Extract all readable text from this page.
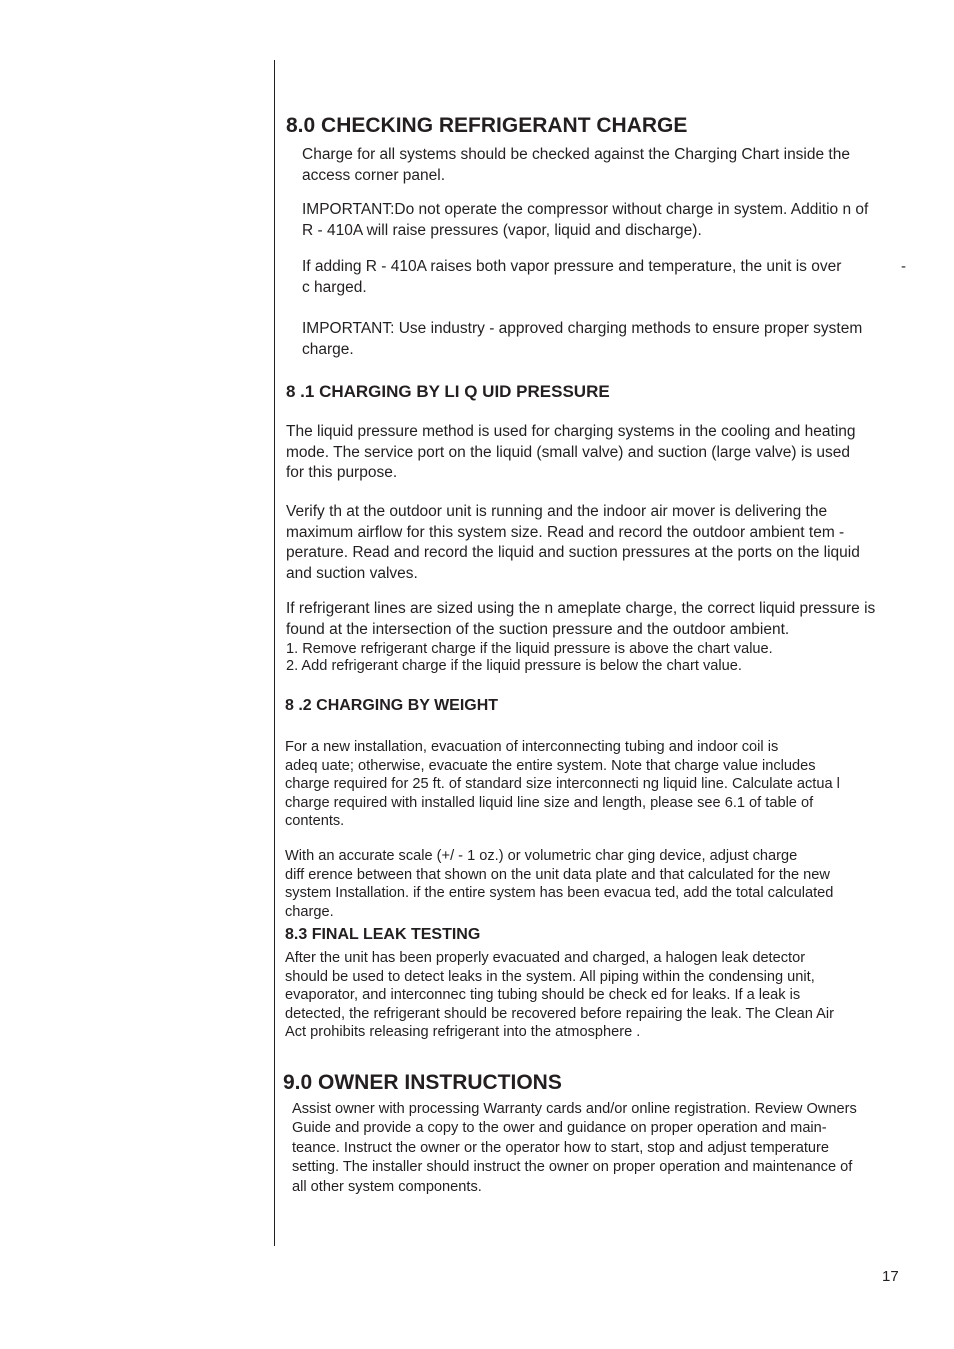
8.0 CHECKING REFRIGERANT CHARGE

Charge for all systems should be checked against the Charging Chart inside the
access corner panel.

IMPORTANT:Do not operate the compressor without charge in system. Additio n of
R - 410A will raise pressures (vapor, liquid and discharge).

If adding R - 410A raises both vapor pressure and temperature, the unit is over
c harged.

-

IMPORTANT: Use industry - approved charging methods to ensure proper system
charge.

8 .1 CHARGING BY LI Q UID PRESSURE

The liquid pressure method is used for charging systems in the cooling and heating
mode. The service port on the liquid (small valve) and suction (large valve) is used
for this purpose.

Verify th at the outdoor unit is running and the indoor air mover is delivering the
maximum airflow for this system size. Read and record the outdoor ambient tem -
perature. Read and record the liquid and suction pressures at the ports on the liquid
and suction valves.

If refrigerant lines are sized using the n ameplate charge, the correct liquid pressure is
found at the intersection of the suction pressure and the outdoor ambient.

1. Remove refrigerant charge if the liquid pressure is above the chart value.
2. Add refrigerant charge if the liquid pressure is below the chart value.

8 .2 CHARGING BY WEIGHT

For a new installation, evacuation of interconnecting tubing and indoor coil is
adeq uate; otherwise, evacuate the entire system. Note that charge value includes
charge required for 25 ft. of standard size interconnecti ng liquid line. Calculate actua l
charge required with installed liquid line size and length, please see 6.1 of table of
contents.

With an accurate scale (+/ - 1 oz.) or volumetric char ging device, adjust charge
diff erence between that shown on the unit data plate and that calculated for the new
system Installation. if the entire system has been evacua ted, add the total calculated
charge.

8.3 FINAL LEAK TESTING

After the unit has been properly evacuated and charged, a halogen leak detector
should be used to detect leaks in the system. All piping within the condensing unit,
evaporator, and interconnec ting tubing should be check ed for leaks. If a leak is
detected, the refrigerant should be recovered before repairing the leak. The Clean Air
Act prohibits releasing refrigerant into the atmosphere .

9.0 OWNER INSTRUCTIONS

Assist owner with processing Warranty cards and/or online registration. Review Owners
Guide and provide a copy to the ower and guidance on proper operation and main-
teance. Instruct the owner or the operator how to start, stop and adjust temperature
setting. The installer should instruct the owner on proper operation and maintenance of
all other system components.

17
